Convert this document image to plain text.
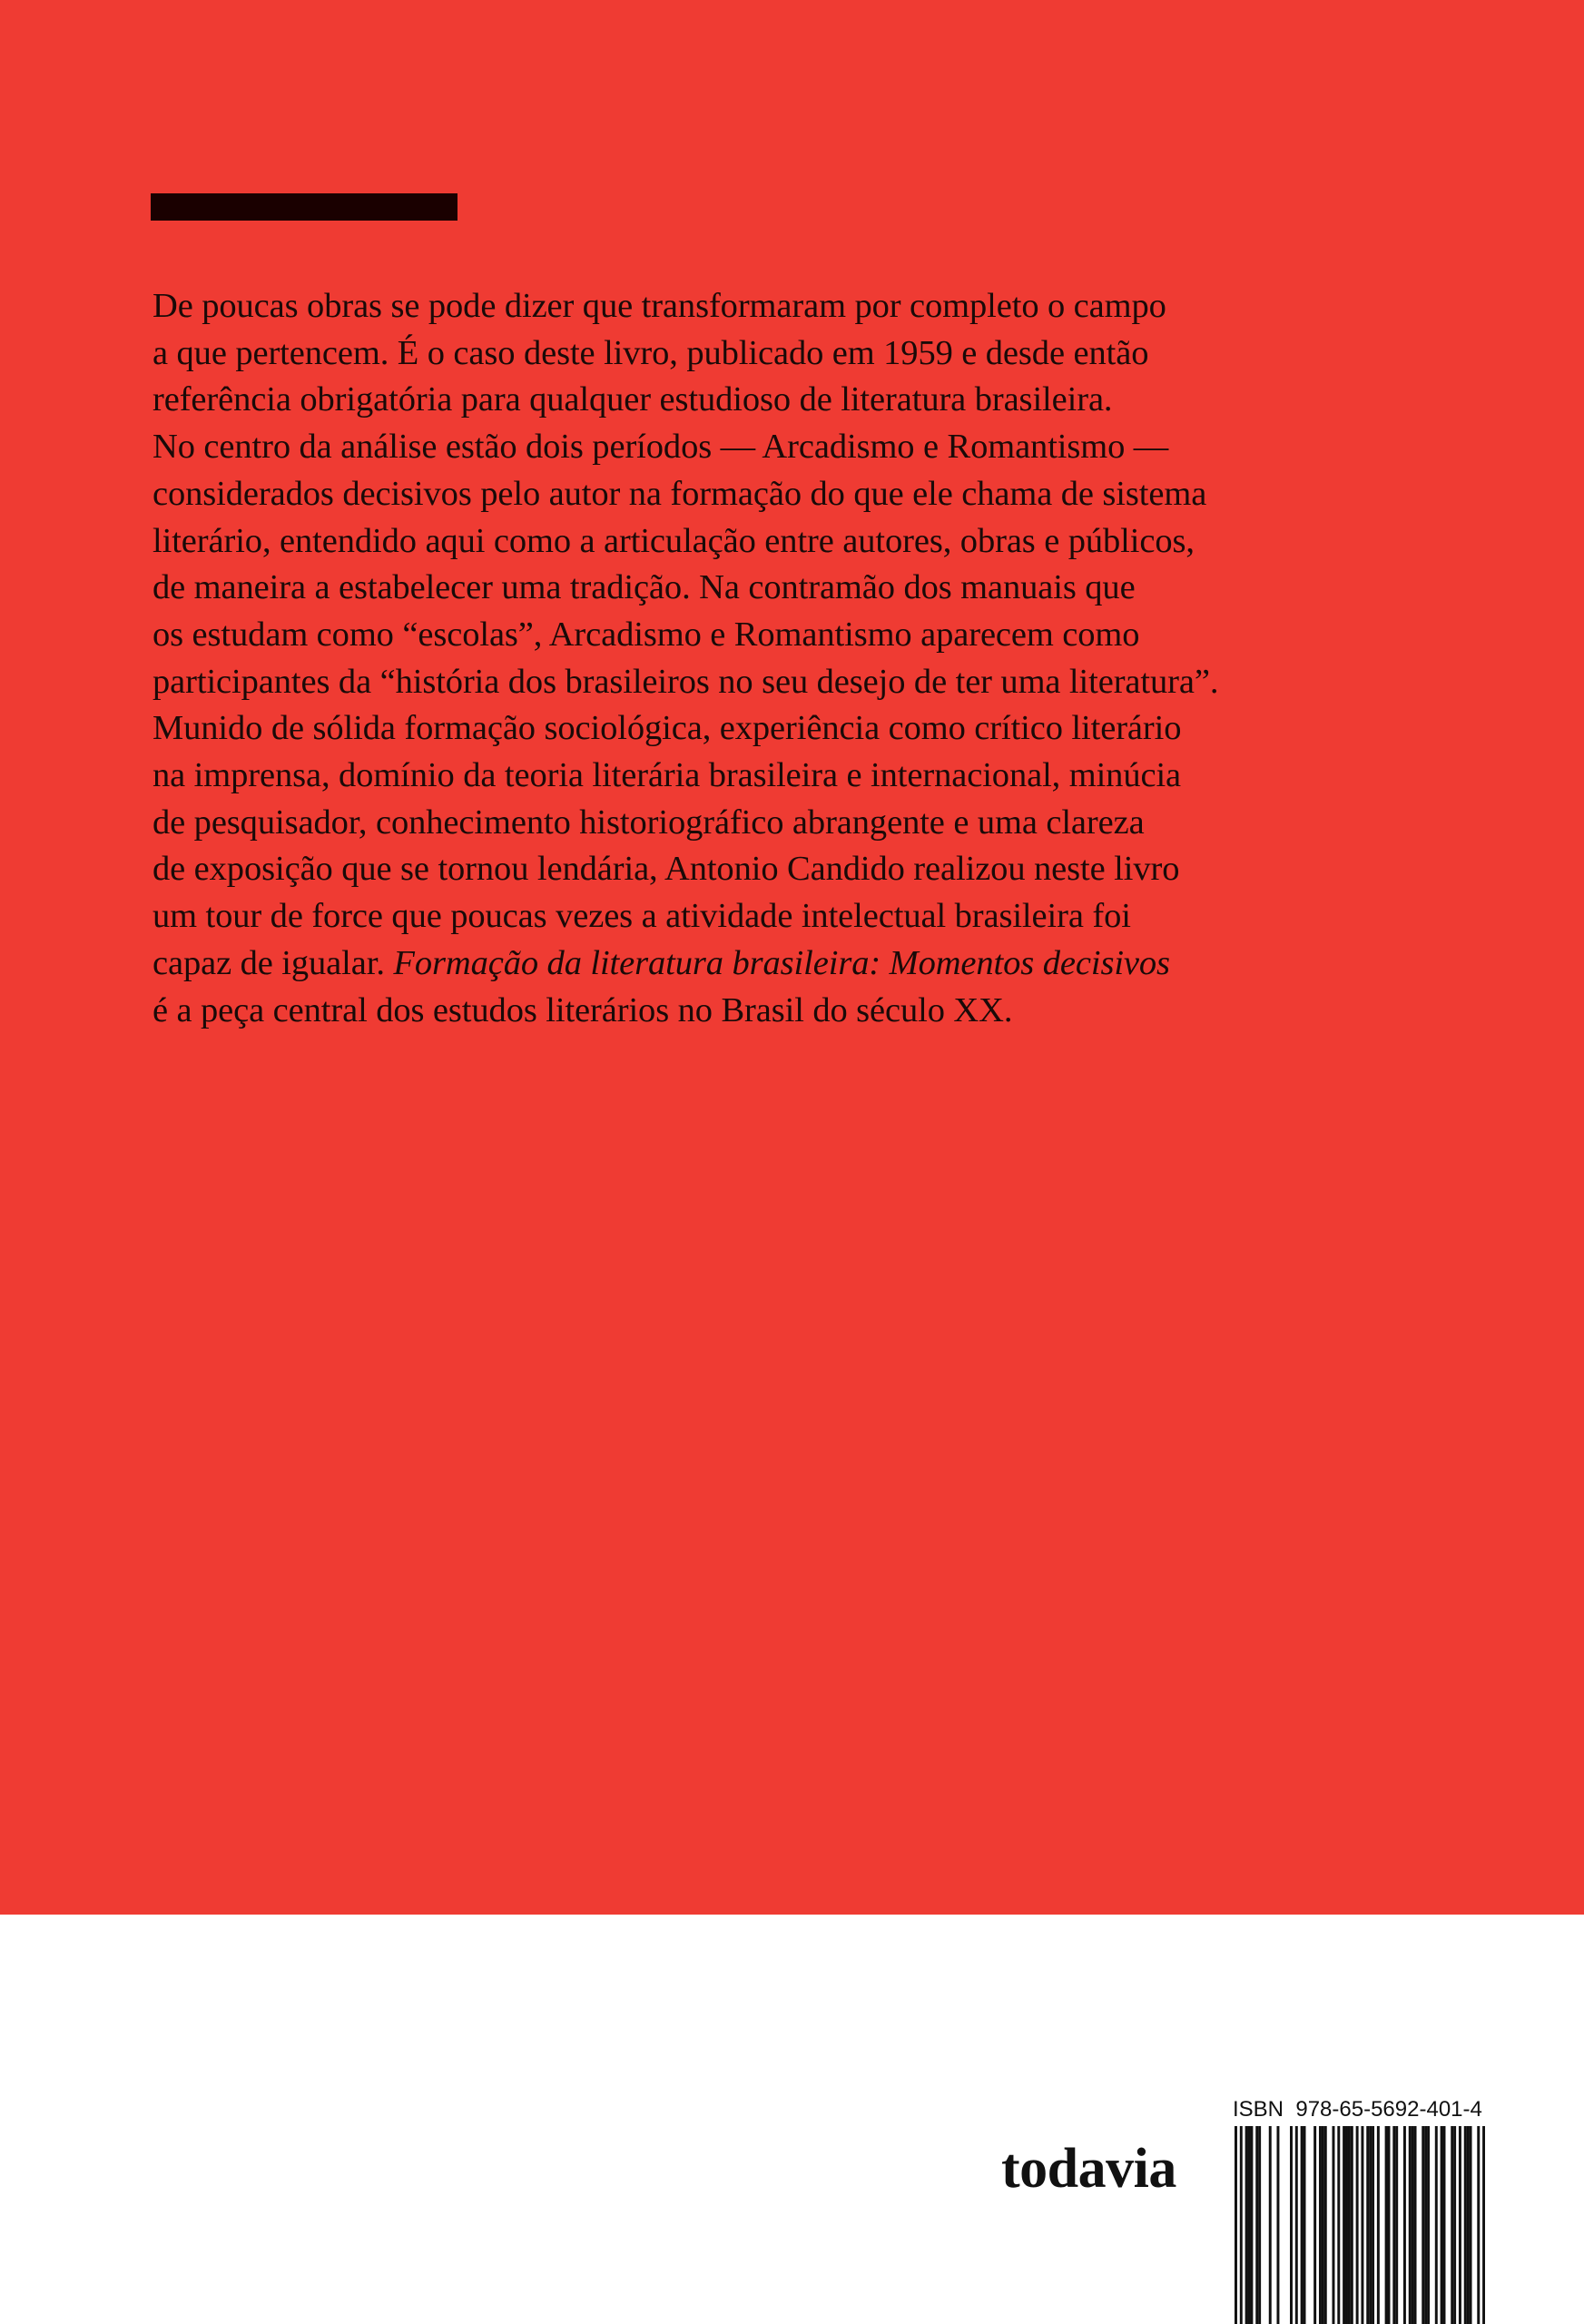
De poucas obras se pode dizer que transformaram por completo o campo
a que pertencem. É o caso deste livro, publicado em 1959 e desde então
referência obrigatória para qualquer estudioso de literatura brasileira.
No centro da análise estão dois períodos — Arcadismo e Romantismo —
considerados decisivos pelo autor na formação do que ele chama de sistema
literário, entendido aqui como a articulação entre autores, obras e públicos,
de maneira a estabelecer uma tradição. Na contramão dos manuais que
os estudam como “escolas”, Arcadismo e Romantismo aparecem como
participantes da “história dos brasileiros no seu desejo de ter uma literatura”.
Munido de sólida formação sociológica, experiência como crítico literário
na imprensa, domínio da teoria literária brasileira e internacional, minúcia
de pesquisador, conhecimento historiográfico abrangente e uma clareza
de exposição que se tornou lendária, Antonio Candido realizou neste livro
um tour de force que poucas vezes a atividade intelectual brasileira foi
capaz de igualar. Formação da literatura brasileira: Momentos decisivos
é a peça central dos estudos literários no Brasil do século XX.

todavia
ISBN 978-65-5692-401-4
